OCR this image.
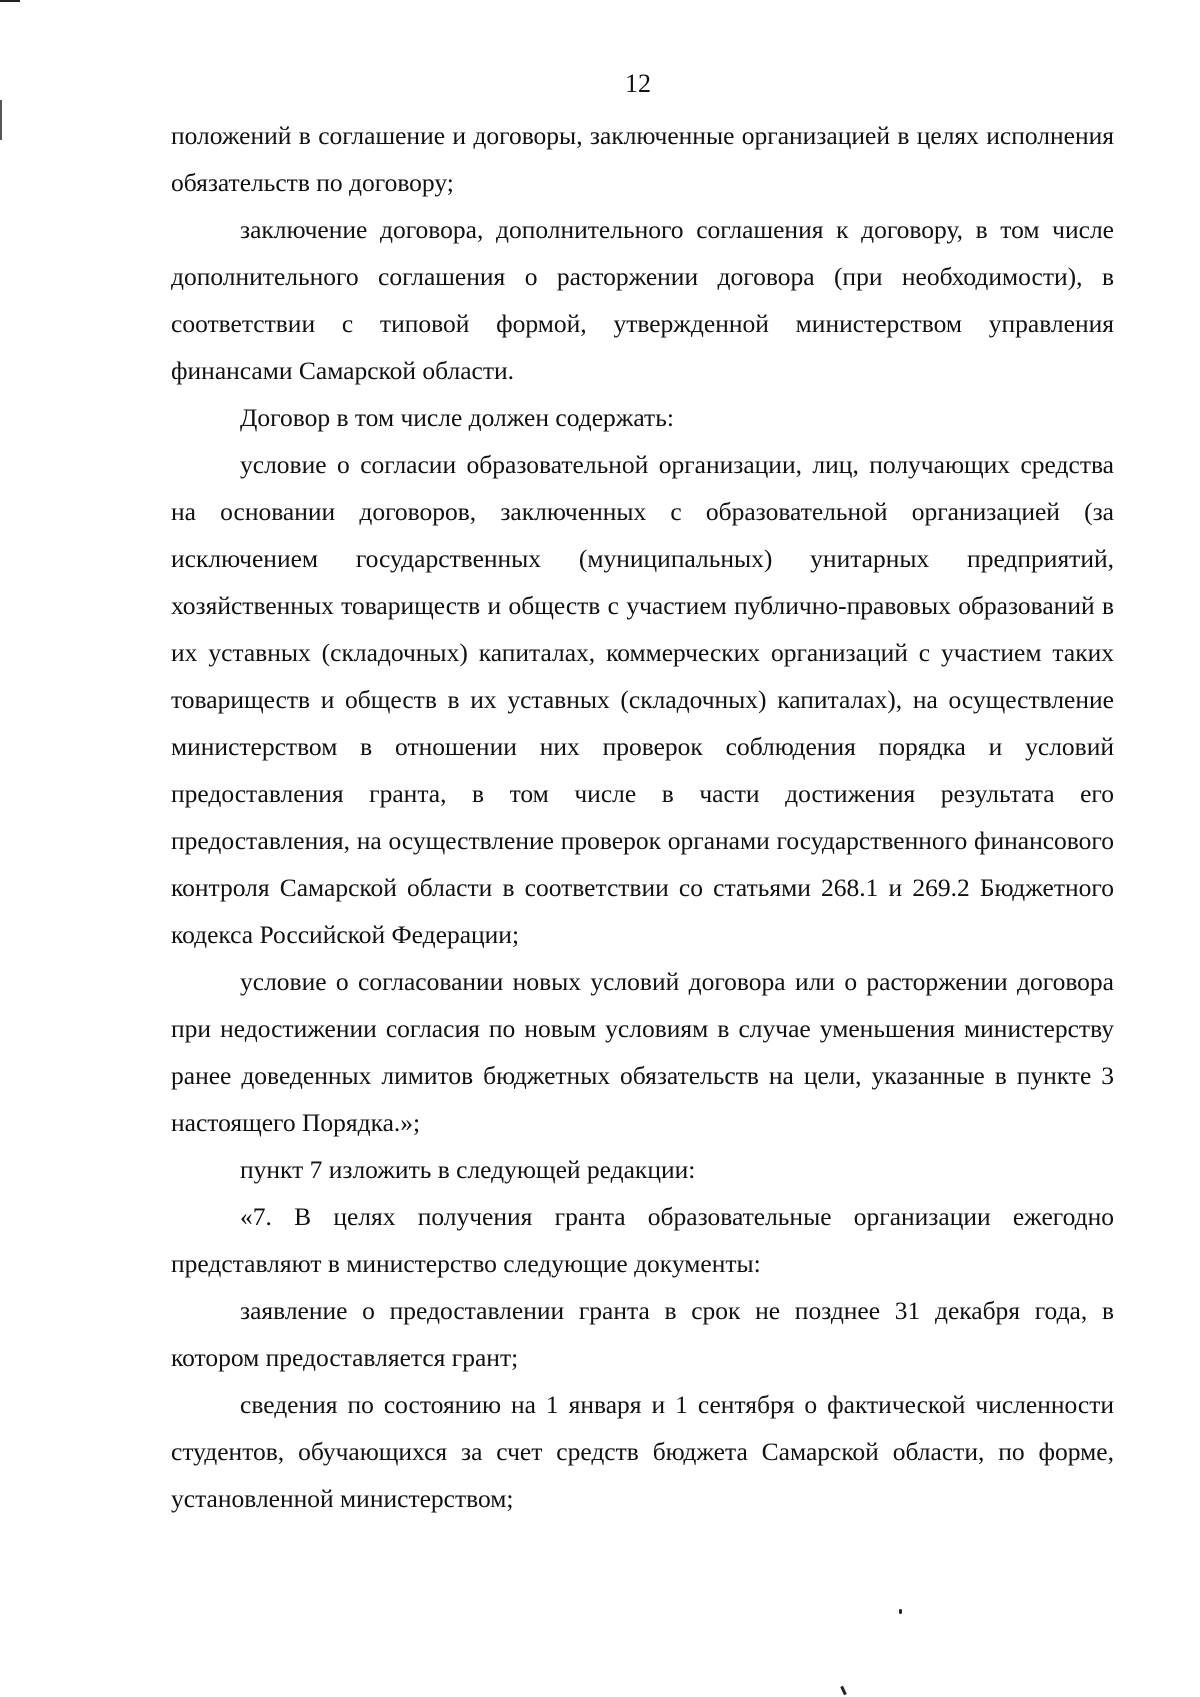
12

положений в соглашение и договоры, заключенные организацией в целях исполнения обязательств по договору;

заключение договора, дополнительного соглашения к договору, в том числе дополнительного соглашения о расторжении договора (при необходимости), в соответствии с типовой формой, утвержденной министерством управления финансами Самарской области.

Договор в том числе должен содержать:

условие о согласии образовательной организации, лиц, получающих средства на основании договоров, заключенных с образовательной организацией (за исключением государственных (муниципальных) унитарных предприятий, хозяйственных товариществ и обществ с участием публично-правовых образований в их уставных (складочных) капиталах, коммерческих организаций с участием таких товариществ и обществ в их уставных (складочных) капиталах), на осуществление министерством в отношении них проверок соблюдения порядка и условий предоставления гранта, в том числе в части достижения результата его предоставления, на осуществление проверок органами государственного финансового контроля Самарской области в соответствии со статьями 268.1 и 269.2 Бюджетного кодекса Российской Федерации;

условие о согласовании новых условий договора или о расторжении договора при недостижении согласия по новым условиям в случае уменьшения министерству ранее доведенных лимитов бюджетных обязательств на цели, указанные в пункте 3 настоящего Порядка.»;

пункт 7 изложить в следующей редакции:

«7. В целях получения гранта образовательные организации ежегодно представляют в министерство следующие документы:

заявление о предоставлении гранта в срок не позднее 31 декабря года, в котором предоставляется грант;

сведения по состоянию на 1 января и 1 сентября о фактической численности студентов, обучающихся за счет средств бюджета Самарской области, по форме, установленной министерством;
